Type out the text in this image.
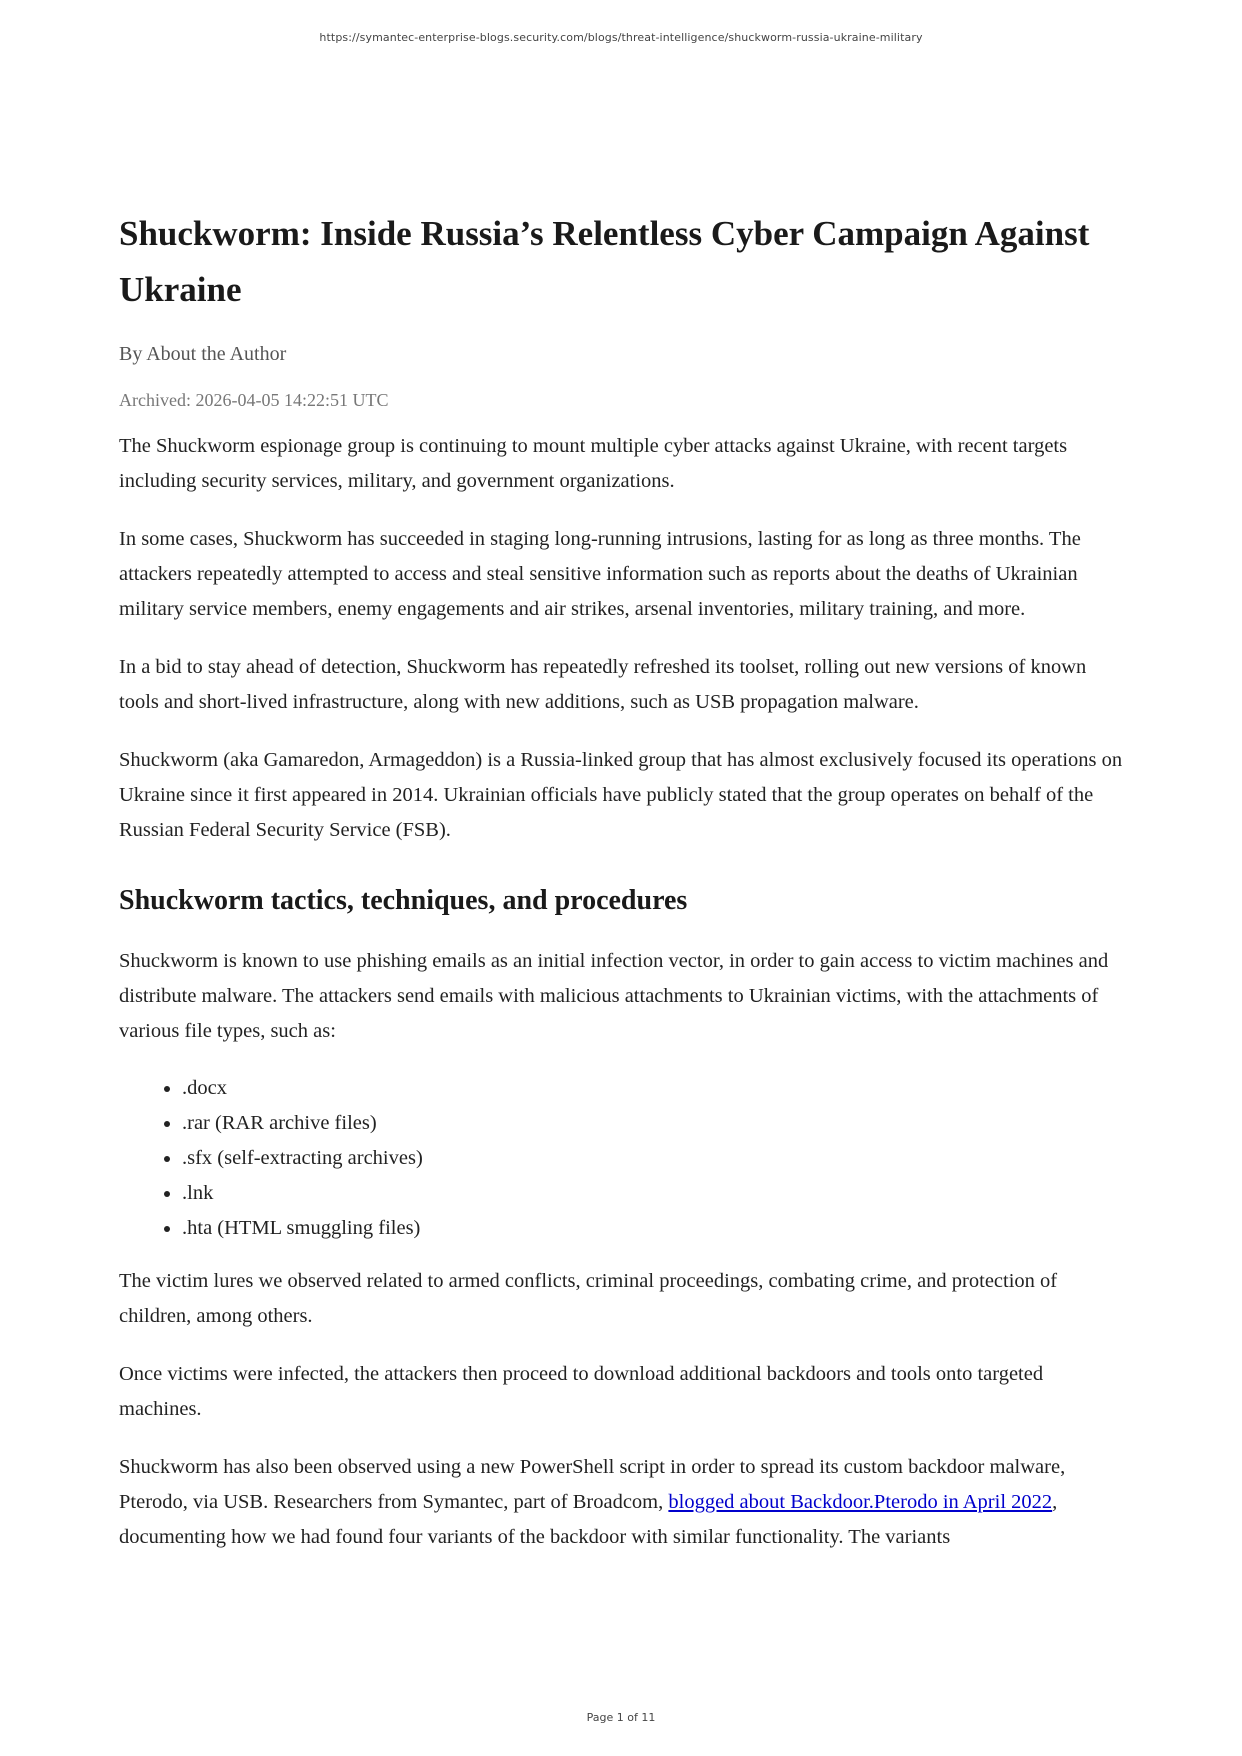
https://symantec-enterprise-blogs.security.com/blogs/threat-intelligence/shuckworm-russia-ukraine-military
Shuckworm: Inside Russia’s Relentless Cyber Campaign Against Ukraine
By About the Author
Archived: 2026-04-05 14:22:51 UTC

The Shuckworm espionage group is continuing to mount multiple cyber attacks against Ukraine, with recent targets including security services, military, and government organizations.

In some cases, Shuckworm has succeeded in staging long-running intrusions, lasting for as long as three months. The attackers repeatedly attempted to access and steal sensitive information such as reports about the deaths of Ukrainian military service members, enemy engagements and air strikes, arsenal inventories, military training, and more.

In a bid to stay ahead of detection, Shuckworm has repeatedly refreshed its toolset, rolling out new versions of known tools and short-lived infrastructure, along with new additions, such as USB propagation malware.

Shuckworm (aka Gamaredon, Armageddon) is a Russia-linked group that has almost exclusively focused its operations on Ukraine since it first appeared in 2014. Ukrainian officials have publicly stated that the group operates on behalf of the Russian Federal Security Service (FSB).

Shuckworm tactics, techniques, and procedures

Shuckworm is known to use phishing emails as an initial infection vector, in order to gain access to victim machines and distribute malware. The attackers send emails with malicious attachments to Ukrainian victims, with the attachments of various file types, such as:

• .docx
• .rar (RAR archive files)
• .sfx (self-extracting archives)
• .lnk
• .hta (HTML smuggling files)

The victim lures we observed related to armed conflicts, criminal proceedings, combating crime, and protection of children, among others.

Once victims were infected, the attackers then proceed to download additional backdoors and tools onto targeted machines.

Shuckworm has also been observed using a new PowerShell script in order to spread its custom backdoor malware, Pterodo, via USB. Researchers from Symantec, part of Broadcom, blogged about Backdoor.Pterodo in April 2022, documenting how we had found four variants of the backdoor with similar functionality. The variants

Page 1 of 11
